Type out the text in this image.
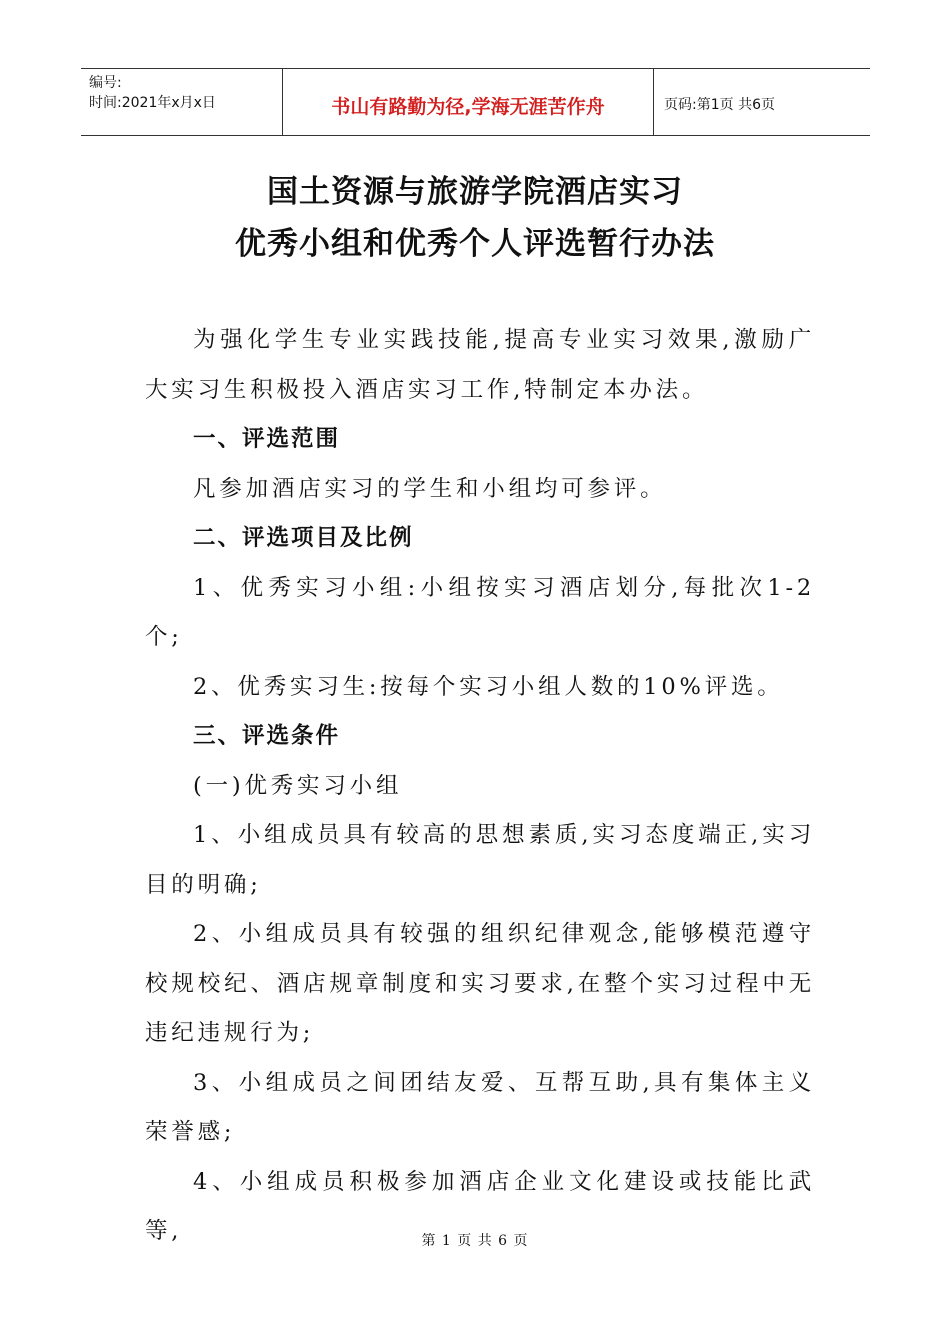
编号:
时间:2021年x月x日	书山有路勤为径,学海无涯苦作舟	页码:第1页 共6页
国土资源与旅游学院酒店实习
优秀小组和优秀个人评选暂行办法

为强化学生专业实践技能,提高专业实习效果,激励广大实习生积极投入酒店实习工作,特制定本办法。

一、评选范围

凡参加酒店实习的学生和小组均可参评。

二、评选项目及比例

1、优秀实习小组:小组按实习酒店划分,每批次1-2个;

2、优秀实习生:按每个实习小组人数的10%评选。

三、评选条件

(一)优秀实习小组

1、小组成员具有较高的思想素质,实习态度端正,实习目的明确;

2、小组成员具有较强的组织纪律观念,能够模范遵守校规校纪、酒店规章制度和实习要求,在整个实习过程中无违纪违规行为;

3、小组成员之间团结友爱、互帮互助,具有集体主义荣誉感;

4、小组成员积极参加酒店企业文化建设或技能比武等,	第 1 页 共 6 页
